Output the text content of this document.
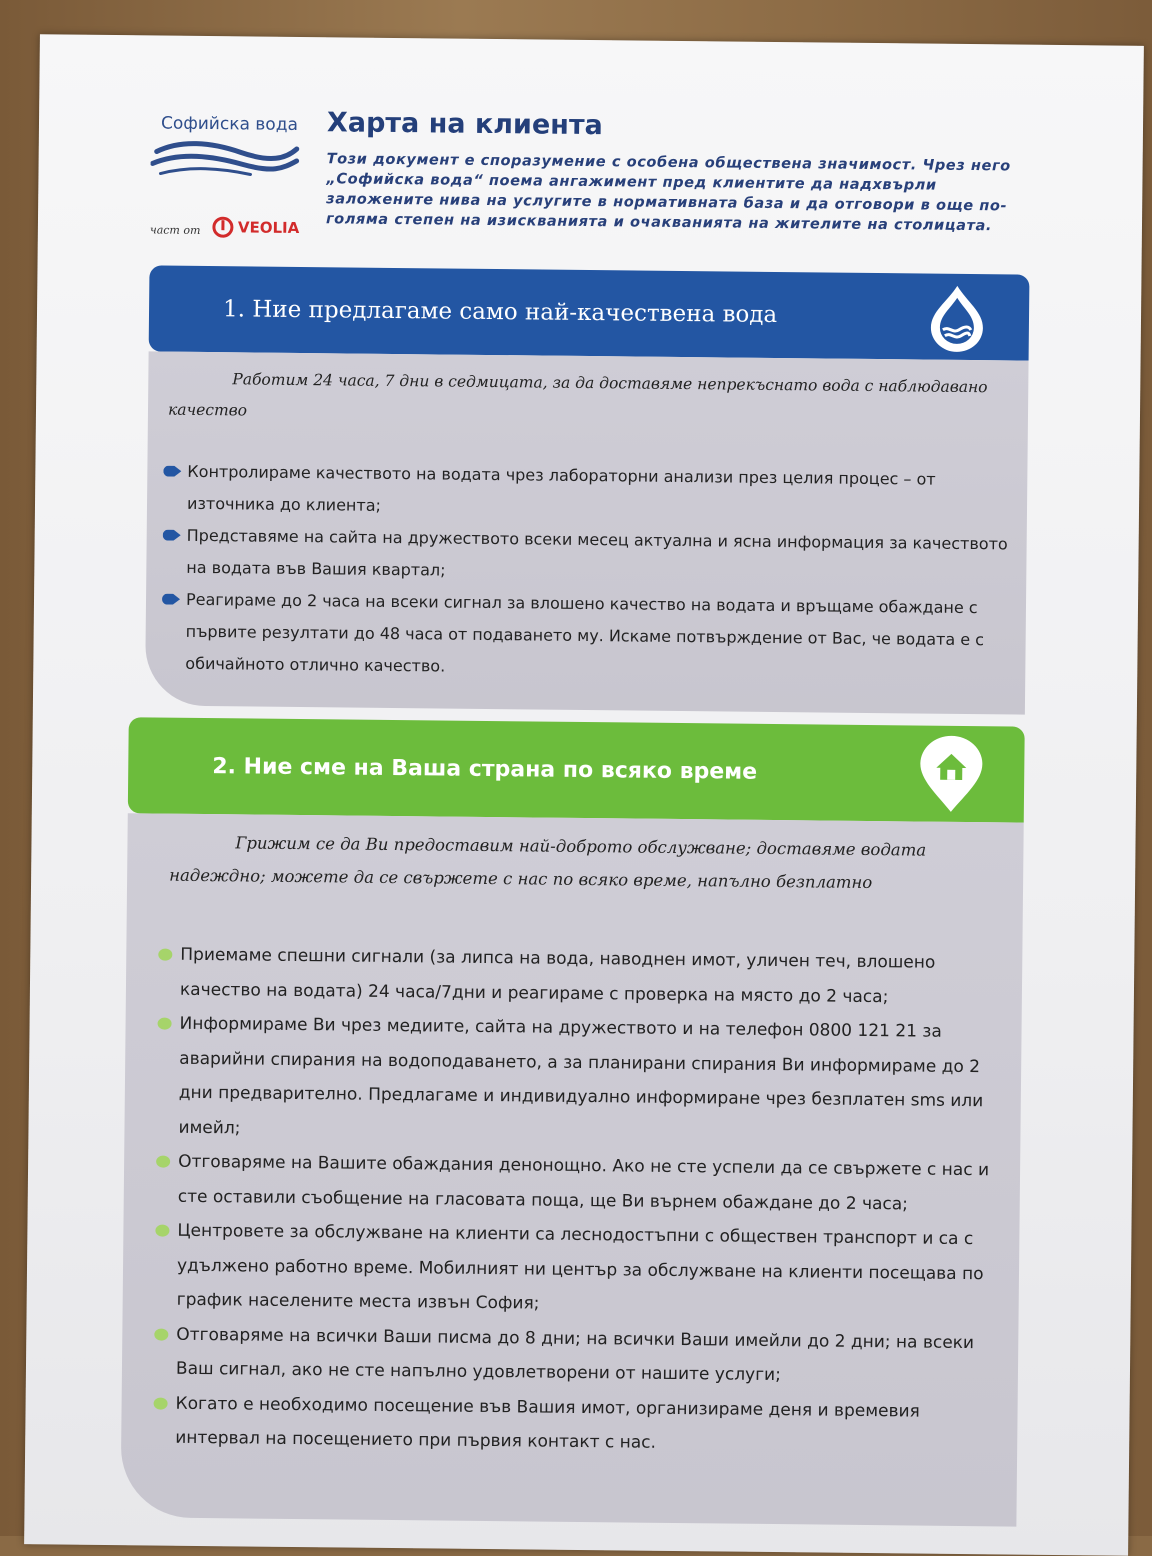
Софийска вода
част от VEOLIA
Харта на клиента
Този документ е споразумение с особена обществена значимост. Чрез него „Софийска вода“ поема ангажимент пред клиентите да надхвърли заложените нива на услугите в нормативната база и да отговори в още по-голяма степен на изискванията и очакванията на жителите на столицата.
1. Ние предлагаме само най-качествена вода
Работим 24 часа, 7 дни в седмицата, за да доставяме непрекъснато вода с наблюдавано качество
Контролираме качеството на водата чрез лабораторни анализи през целия процес – от източника до клиента;
Представяме на сайта на дружеството всеки месец актуална и ясна информация за качеството на водата във Вашия квартал;
Реагираме до 2 часа на всеки сигнал за влошено качество на водата и връщаме обаждане с първите резултати до 48 часа от подаването му. Искаме потвърждение от Вас, че водата е с обичайното отлично качество.
2. Ние сме на Ваша страна по всяко време
Грижим се да Ви предоставим най-доброто обслужване; доставяме водата надеждно; можете да се свържете с нас по всяко време, напълно безплатно
Приемаме спешни сигнали (за липса на вода, наводнен имот, уличен теч, влошено качество на водата) 24 часа/7дни и реагираме с проверка на място до 2 часа;
Информираме Ви чрез медиите, сайта на дружеството и на телефон 0800 121 21 за аварийни спирания на водоподаването, а за планирани спирания Ви информираме до 2 дни предварително. Предлагаме и индивидуално информиране чрез безплатен sms или имейл;
Отговаряме на Вашите обаждания денонощно. Ако не сте успели да се свържете с нас и сте оставили съобщение на гласовата поща, ще Ви върнем обаждане до 2 часа;
Центровете за обслужване на клиенти са леснодостъпни с обществен транспорт и са с удължено работно време. Мобилният ни център за обслужване на клиенти посещава по график населените места извън София;
Отговаряме на всички Ваши писма до 8 дни; на всички Ваши имейли до 2 дни; на всеки Ваш сигнал, ако не сте напълно удовлетворени от нашите услуги;
Когато е необходимо посещение във Вашия имот, организираме деня и времевия интервал на посещението при първия контакт с нас.
